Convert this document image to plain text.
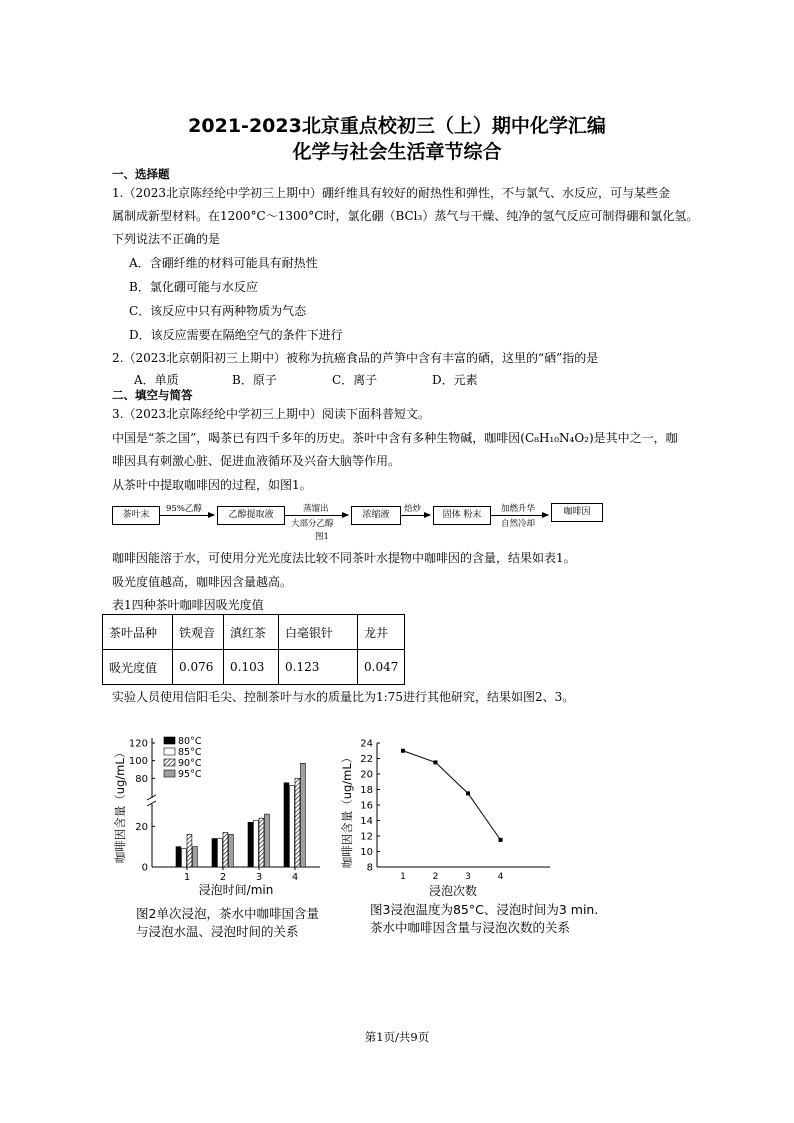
2021-2023北京重点校初三（上）期中化学汇编
化学与社会生活章节综合
一、选择题
1.（2023北京陈经纶中学初三上期中）硼纤维具有较好的耐热性和弹性，不与氯气、水反应，可与某些金
属制成新型材料。在1200°C～1300°C时，氯化硼（BCl₃）蒸气与干燥、纯净的氢气反应可制得硼和氯化氢。
下列说法不正确的是
A．含硼纤维的材料可能具有耐热性
B．氯化硼可能与水反应
C．该反应中只有两种物质为气态
D．该反应需要在隔绝空气的条件下进行
2.（2023北京朝阳初三上期中）被称为抗癌食品的芦笋中含有丰富的硒，这里的“硒”指的是
A．单质	B．原子	C．离子	D．元素
二、填空与简答
3.（2023北京陈经纶中学初三上期中）阅读下面科普短文。
中国是“茶之国”，喝茶已有四千多年的历史。茶叶中含有多种生物碱，咖啡因(C₈H₁₀N₄O₂)是其中之一，咖
啡因具有刺激心脏、促进血液循环及兴奋大脑等作用。
从茶叶中提取咖啡因的过程，如图1。
茶叶末
95%乙醇
乙醇提取液
蒸馏出
大部分乙醇
浓缩液
焙炒
固体 粉末
加燃升华
自然冷却
咖啡因
图1
咖啡因能溶于水，可使用分光光度法比较不同茶叶水提物中咖啡因的含量，结果如表1。
吸光度值越高，咖啡因含量越高。
表1四种茶叶咖啡因吸光度值
茶叶品种	铁观音	滇红茶	白毫银针	龙井
吸光度值	0.076	0.103	0.123	0.047
实验人员使用信阳毛尖、控制茶叶与水的质量比为1:75进行其他研究，结果如图2、3。
0
20
80
100
120
1	2	3	4
80°C
85°C
90°C
95°C
咖啡因含量（ug/mL）
浸泡时间/min
图2单次浸泡，茶水中咖啡国含量
与浸泡水温、浸泡时间的关系
8
10
12
14
16
18
20
22
24
1	2	3	4
咖啡因含量（ug/mL）
浸泡次数
图3浸泡温度为85°C、浸泡时间为3 min.
茶水中咖啡因含量与浸泡次数的关系
第1页/共9页
